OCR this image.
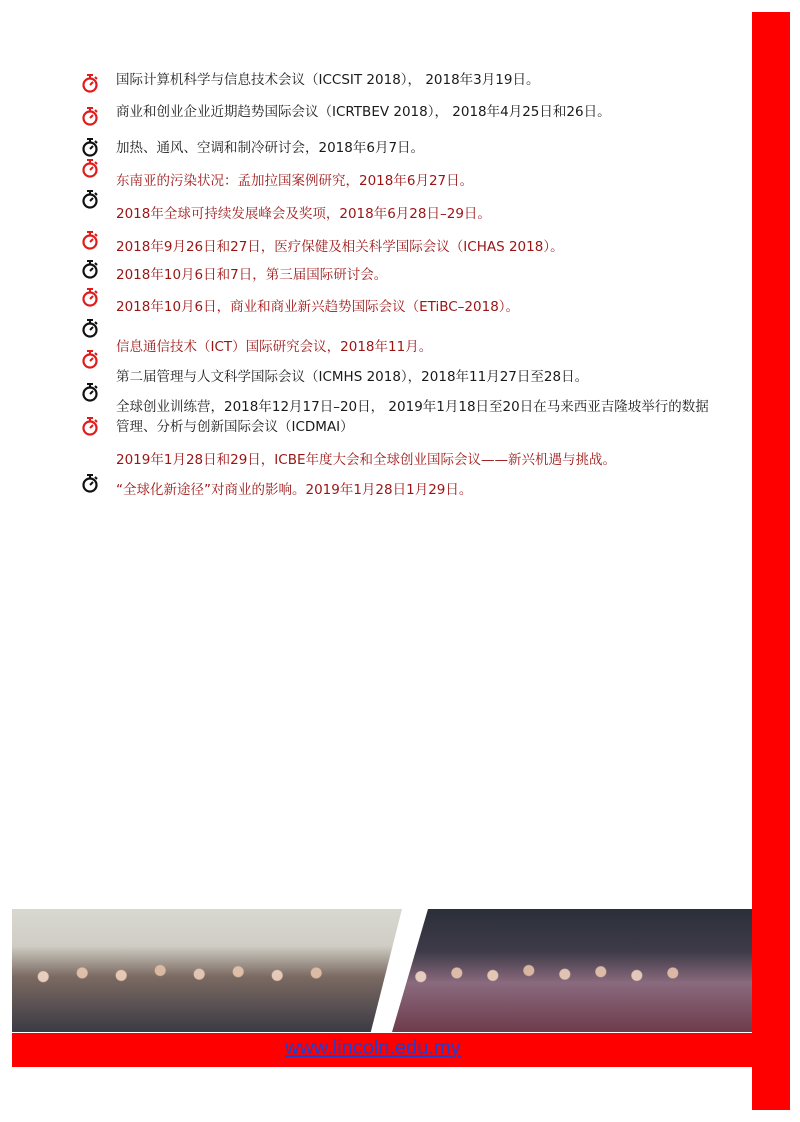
国际计算机科学与信息技术会议（ICCSIT 2018）， 2018年3月19日。
商业和创业企业近期趋势国际会议（ICRTBEV 2018）， 2018年4月25日和26日。
加热、通风、空调和制冷研讨会，2018年6月7日。
东南亚的污染状况：孟加拉国案例研究，2018年6月27日。
2018年全球可持续发展峰会及奖项，2018年6月28日–29日。
2018年9月26日和27日，医疗保健及相关科学国际会议（ICHAS 2018）。
2018年10月6日和7日，第三届国际研讨会。
2018年10月6日，商业和商业新兴趋势国际会议（ETiBC–2018）。
信息通信技术（ICT）国际研究会议，2018年11月。
第二届管理与人文科学国际会议（ICMHS 2018），2018年11月27日至28日。
全球创业训练营，2018年12月17日–20日， 2019年1月18日至20日在马来西亚吉隆坡举行的数据管理、分析与创新国际会议（ICDMAI）
2019年1月28日和29日，ICBE年度大会和全球创业国际会议——新兴机遇与挑战。
“全球化新途径”对商业的影响。2019年1月28日1月29日。
www.lincoln.edu.my
